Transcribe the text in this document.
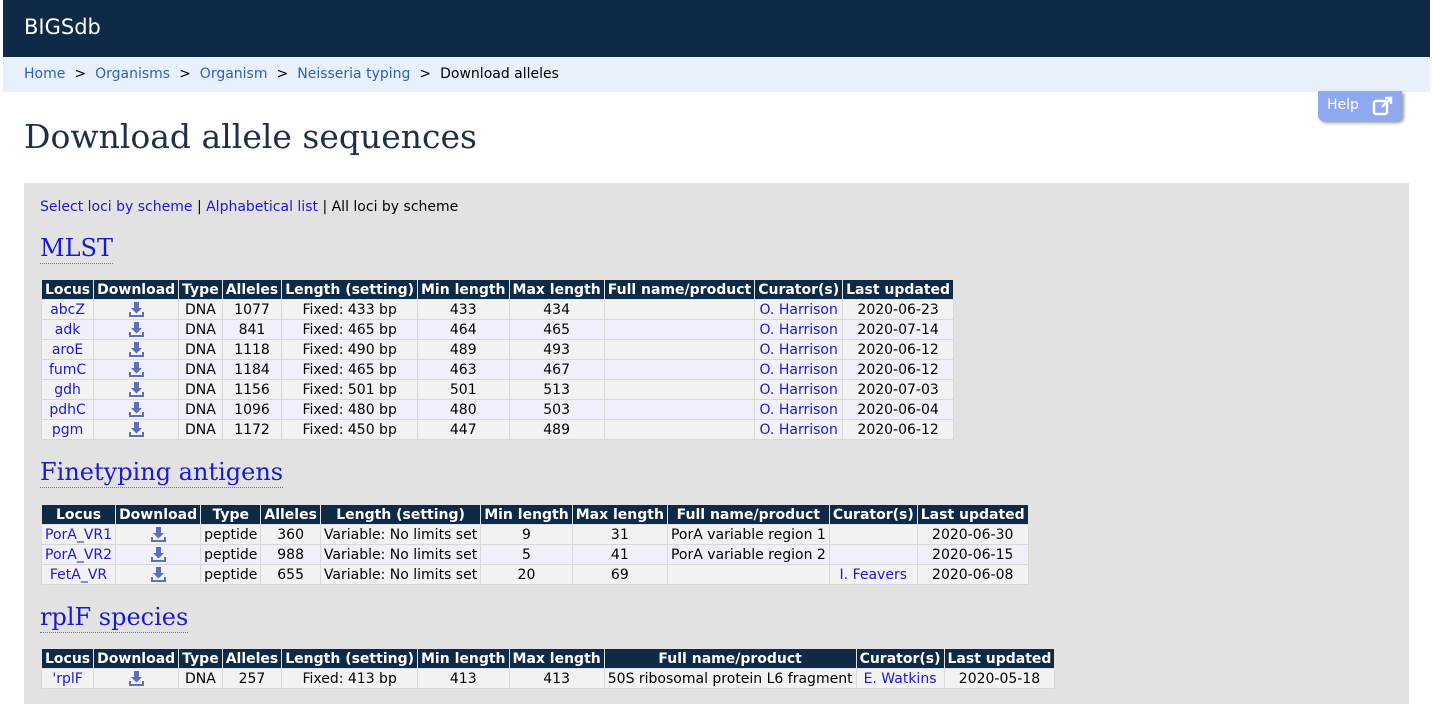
BIGSdb
Home > Organisms > Organism > Neisseria typing > Download alleles
Help
Download allele sequences
Select loci by scheme | Alphabetical list | All loci by scheme
MLST
Locus	Download	Type	Alleles	Length (setting)	Min length	Max length	Full name/product	Curator(s)	Last updated
abcZ		DNA	1077	Fixed: 433 bp	433	434		O. Harrison	2020-06-23
adk		DNA	841	Fixed: 465 bp	464	465		O. Harrison	2020-07-14
aroE		DNA	1118	Fixed: 490 bp	489	493		O. Harrison	2020-06-12
fumC		DNA	1184	Fixed: 465 bp	463	467		O. Harrison	2020-06-12
gdh		DNA	1156	Fixed: 501 bp	501	513		O. Harrison	2020-07-03
pdhC		DNA	1096	Fixed: 480 bp	480	503		O. Harrison	2020-06-04
pgm		DNA	1172	Fixed: 450 bp	447	489		O. Harrison	2020-06-12
Finetyping antigens
Locus	Download	Type	Alleles	Length (setting)	Min length	Max length	Full name/product	Curator(s)	Last updated
PorA_VR1		peptide	360	Variable: No limits set	9	31	PorA variable region 1		2020-06-30
PorA_VR2		peptide	988	Variable: No limits set	5	41	PorA variable region 2		2020-06-15
FetA_VR		peptide	655	Variable: No limits set	20	69		I. Feavers	2020-06-08
rplF species
Locus	Download	Type	Alleles	Length (setting)	Min length	Max length	Full name/product	Curator(s)	Last updated
'rplF		DNA	257	Fixed: 413 bp	413	413	50S ribosomal protein L6 fragment	E. Watkins	2020-05-18
